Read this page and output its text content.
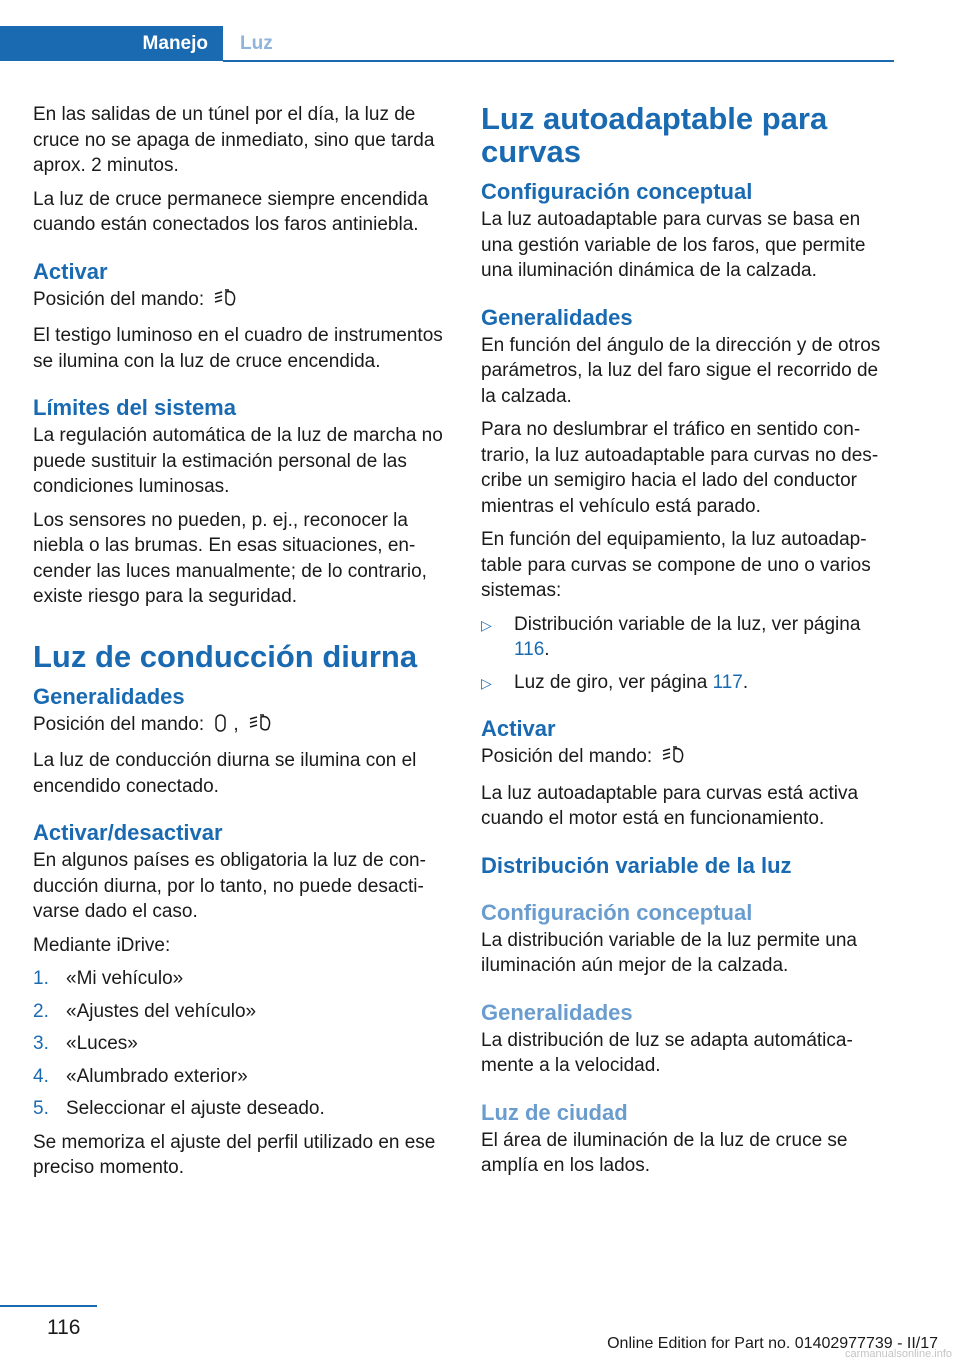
Manejo	Luz

En las salidas de un túnel por el día, la luz de cruce no se apaga de inmediato, sino que tarda aprox. 2 minutos.

La luz de cruce permanece siempre encendida cuando están conectados los faros antiniebla.

Activar

Posición del mando:

El testigo luminoso en el cuadro de instrumentos se ilumina con la luz de cruce encendida.

Límites del sistema

La regulación automática de la luz de marcha no puede sustituir la estimación personal de las condiciones luminosas.

Los sensores no pueden, p. ej., reconocer la niebla o las brumas. En esas situaciones, encender las luces manualmente; de lo contrario, existe riesgo para la seguridad.

Luz de conducción diurna
Generalidades

Posición del mando: ,

La luz de conducción diurna se ilumina con el encendido conectado.

Activar/desactivar

En algunos países es obligatoria la luz de conducción diurna, por lo tanto, no puede desactivarse dado el caso.

Mediante iDrive:

1. «Mi vehículo»
2. «Ajustes del vehículo»
3. «Luces»
4. «Alumbrado exterior»
5. Seleccionar el ajuste deseado.

Se memoriza el ajuste del perfil utilizado en ese preciso momento.

Luz autoadaptable para curvas
Configuración conceptual

La luz autoadaptable para curvas se basa en una gestión variable de los faros, que permite una iluminación dinámica de la calzada.

Generalidades

En función del ángulo de la dirección y de otros parámetros, la luz del faro sigue el recorrido de la calzada.

Para no deslumbrar el tráfico en sentido contrario, la luz autoadaptable para curvas no describe un semigiro hacia el lado del conductor mientras el vehículo está parado.

En función del equipamiento, la luz autoadaptable para curvas se compone de uno o varios sistemas:

▷ Distribución variable de la luz, ver página 116.
▷ Luz de giro, ver página 117.
Activar

Posición del mando:

La luz autoadaptable para curvas está activa cuando el motor está en funcionamiento.

Distribución variable de la luz
Configuración conceptual

La distribución variable de la luz permite una iluminación aún mejor de la calzada.

Generalidades

La distribución de luz se adapta automáticamente a la velocidad.

Luz de ciudad

El área de iluminación de la luz de cruce se amplía en los lados.

116
Online Edition for Part no. 01402977739 - II/17
carmanualsonline.info
